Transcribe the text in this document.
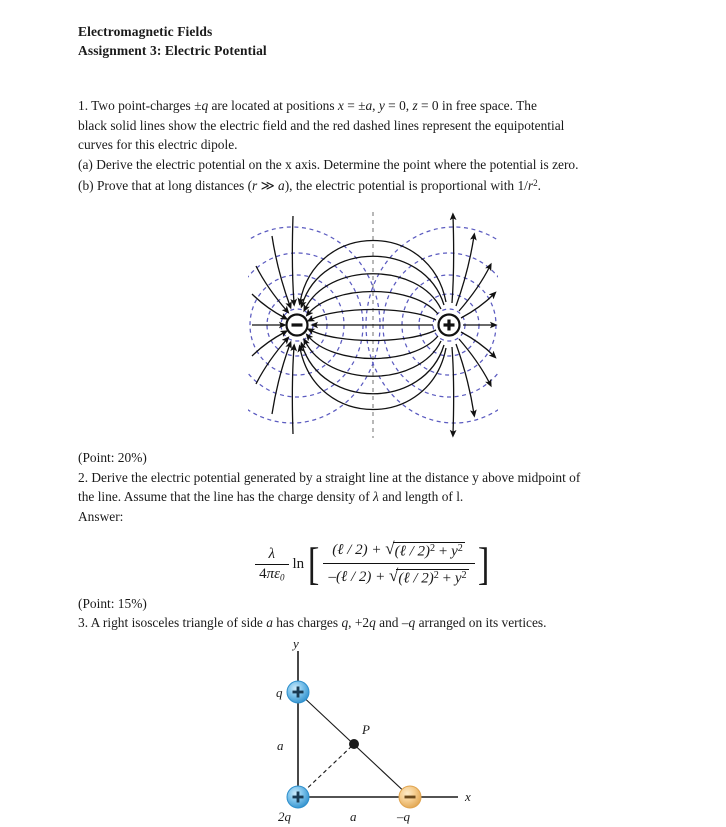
Electromagnetic Fields
Assignment 3: Electric Potential
1. Two point-charges ±q are located at positions x = ±a, y = 0, z = 0 in free space. The
black solid lines show the electric field and the red dashed lines represent the equipotential
curves for this electric dipole.
(a) Derive the electric potential on the x axis. Determine the point where the potential is zero.
(b) Prove that at long distances (r ≫ a), the electric potential is proportional with $1/r^2$.
(Point: 20%)
2. Derive the electric potential generated by a straight line at the distance y above midpoint of
the line. Assume that the line has the charge density of λ and length of l.
Answer:
$\frac{\lambda}{4\pi\varepsilon 0}$ ln [ $\frac{(\ell / 2) + √ (\ell / 2)^2 + y^2}{-(\ell / 2) + √ (\ell / 2)^2 + y^2}$ ]
(Point: 15%)
3. A right isosceles triangle of side a has charges q, +2q and –q arranged on its vertices.
P
q
2q	–q
a
a
y
x
